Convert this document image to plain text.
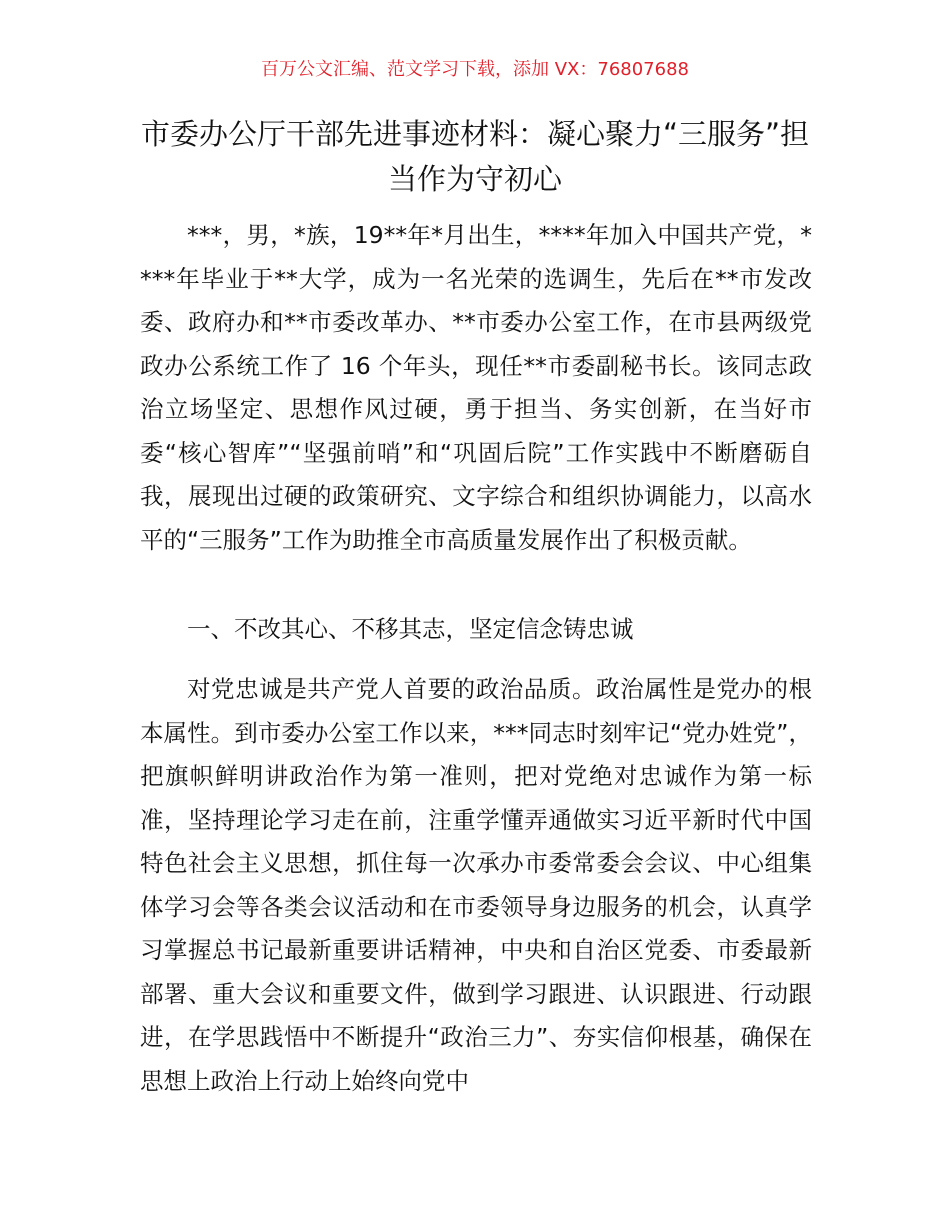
百万公文汇编、范文学习下载，添加 VX：76807688
市委办公厅干部先进事迹材料：凝心聚力“三服务”担当作为守初心

***，男，*族，19**年*月出生，****年加入中国共产党，****年毕业于**大学，成为一名光荣的选调生，先后在**市发改委、政府办和**市委改革办、**市委办公室工作，在市县两级党政办公系统工作了 16 个年头，现任**市委副秘书长。该同志政治立场坚定、思想作风过硬，勇于担当、务实创新，在当好市委“核心智库”“坚强前哨”和“巩固后院”工作实践中不断磨砺自我，展现出过硬的政策研究、文字综合和组织协调能力，以高水平的“三服务”工作为助推全市高质量发展作出了积极贡献。

一、不改其心、不移其志，坚定信念铸忠诚

对党忠诚是共产党人首要的政治品质。政治属性是党办的根本属性。到市委办公室工作以来，***同志时刻牢记“党办姓党”，把旗帜鲜明讲政治作为第一准则，把对党绝对忠诚作为第一标准，坚持理论学习走在前，注重学懂弄通做实习近平新时代中国特色社会主义思想，抓住每一次承办市委常委会会议、中心组集体学习会等各类会议活动和在市委领导身边服务的机会，认真学习掌握总书记最新重要讲话精神，中央和自治区党委、市委最新部署、重大会议和重要文件，做到学习跟进、认识跟进、行动跟进，在学思践悟中不断提升“政治三力”、夯实信仰根基，确保在思想上政治上行动上始终向党中
